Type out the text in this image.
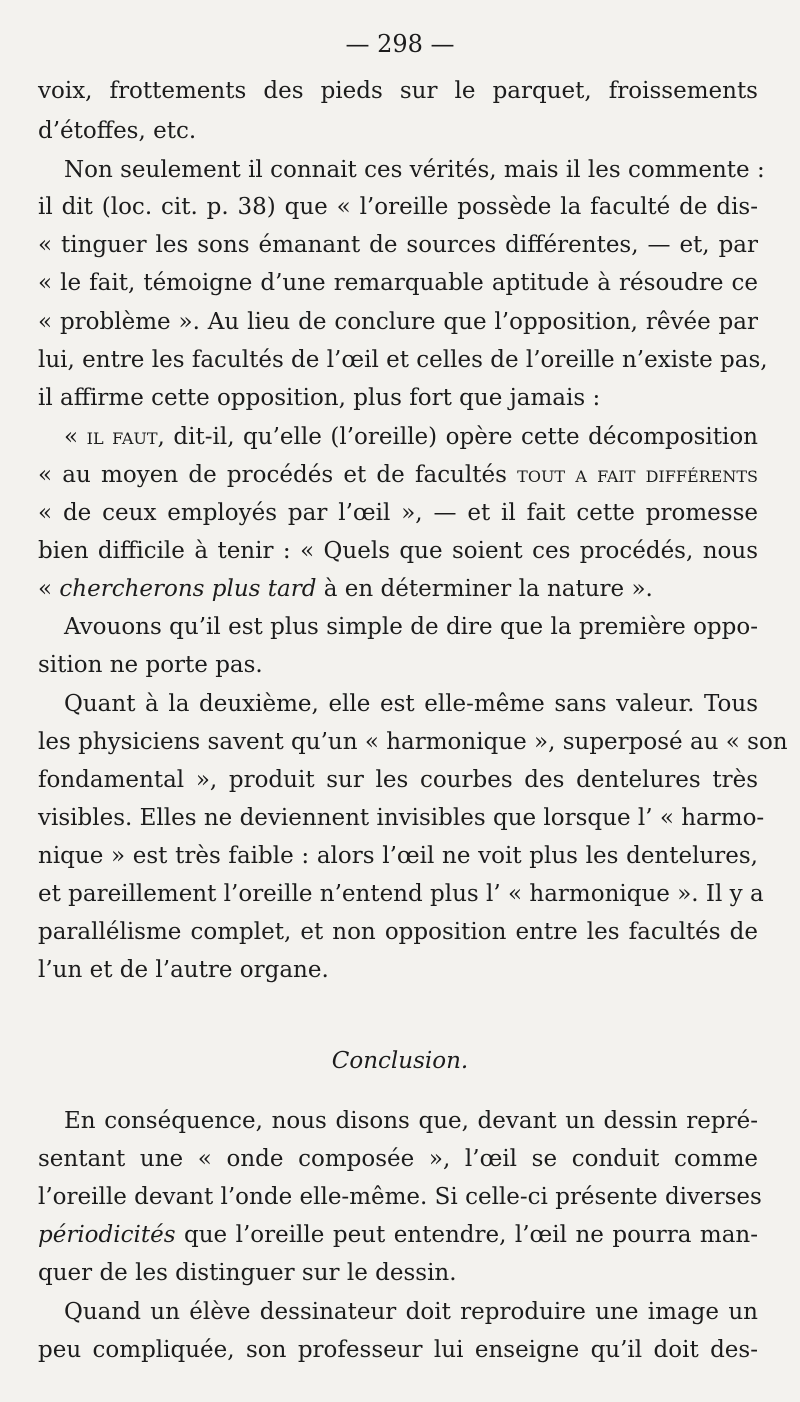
— 298 —
voix, frottements des pieds sur le parquet, froissements
d’étoffes, etc.
Non seulement il connait ces vérités, mais il les commente :
il dit (loc. cit. p. 38) que « l’oreille possède la faculté de dis-
« tinguer les sons émanant de sources différentes, — et, par
« le fait, témoigne d’une remarquable aptitude à résoudre ce
« problème ». Au lieu de conclure que l’opposition, rêvée par
lui, entre les facultés de l’œil et celles de l’oreille n’existe pas,
il affirme cette opposition, plus fort que jamais :
« il faut, dit-il, qu’elle (l’oreille) opère cette décomposition
« au moyen de procédés et de facultés tout a fait différents
« de ceux employés par l’œil », — et il fait cette promesse
bien difficile à tenir : « Quels que soient ces procédés, nous
« chercherons plus tard à en déterminer la nature ».
Avouons qu’il est plus simple de dire que la première oppo-
sition ne porte pas.
Quant à la deuxième, elle est elle-même sans valeur. Tous
les physiciens savent qu’un « harmonique », superposé au « son
fondamental », produit sur les courbes des dentelures très
visibles. Elles ne deviennent invisibles que lorsque l’ « harmo-
nique » est très faible : alors l’œil ne voit plus les dentelures,
et pareillement l’oreille n’entend plus l’ « harmonique ». Il y a
parallélisme complet, et non opposition entre les facultés de
l’un et de l’autre organe.
En conséquence, nous disons que, devant un dessin repré-
sentant une « onde composée », l’œil se conduit comme
l’oreille devant l’onde elle-même. Si celle-ci présente diverses
périodicités que l’oreille peut entendre, l’œil ne pourra man-
quer de les distinguer sur le dessin.
Quand un élève dessinateur doit reproduire une image un
peu compliquée, son professeur lui enseigne qu’il doit des-
Conclusion.
